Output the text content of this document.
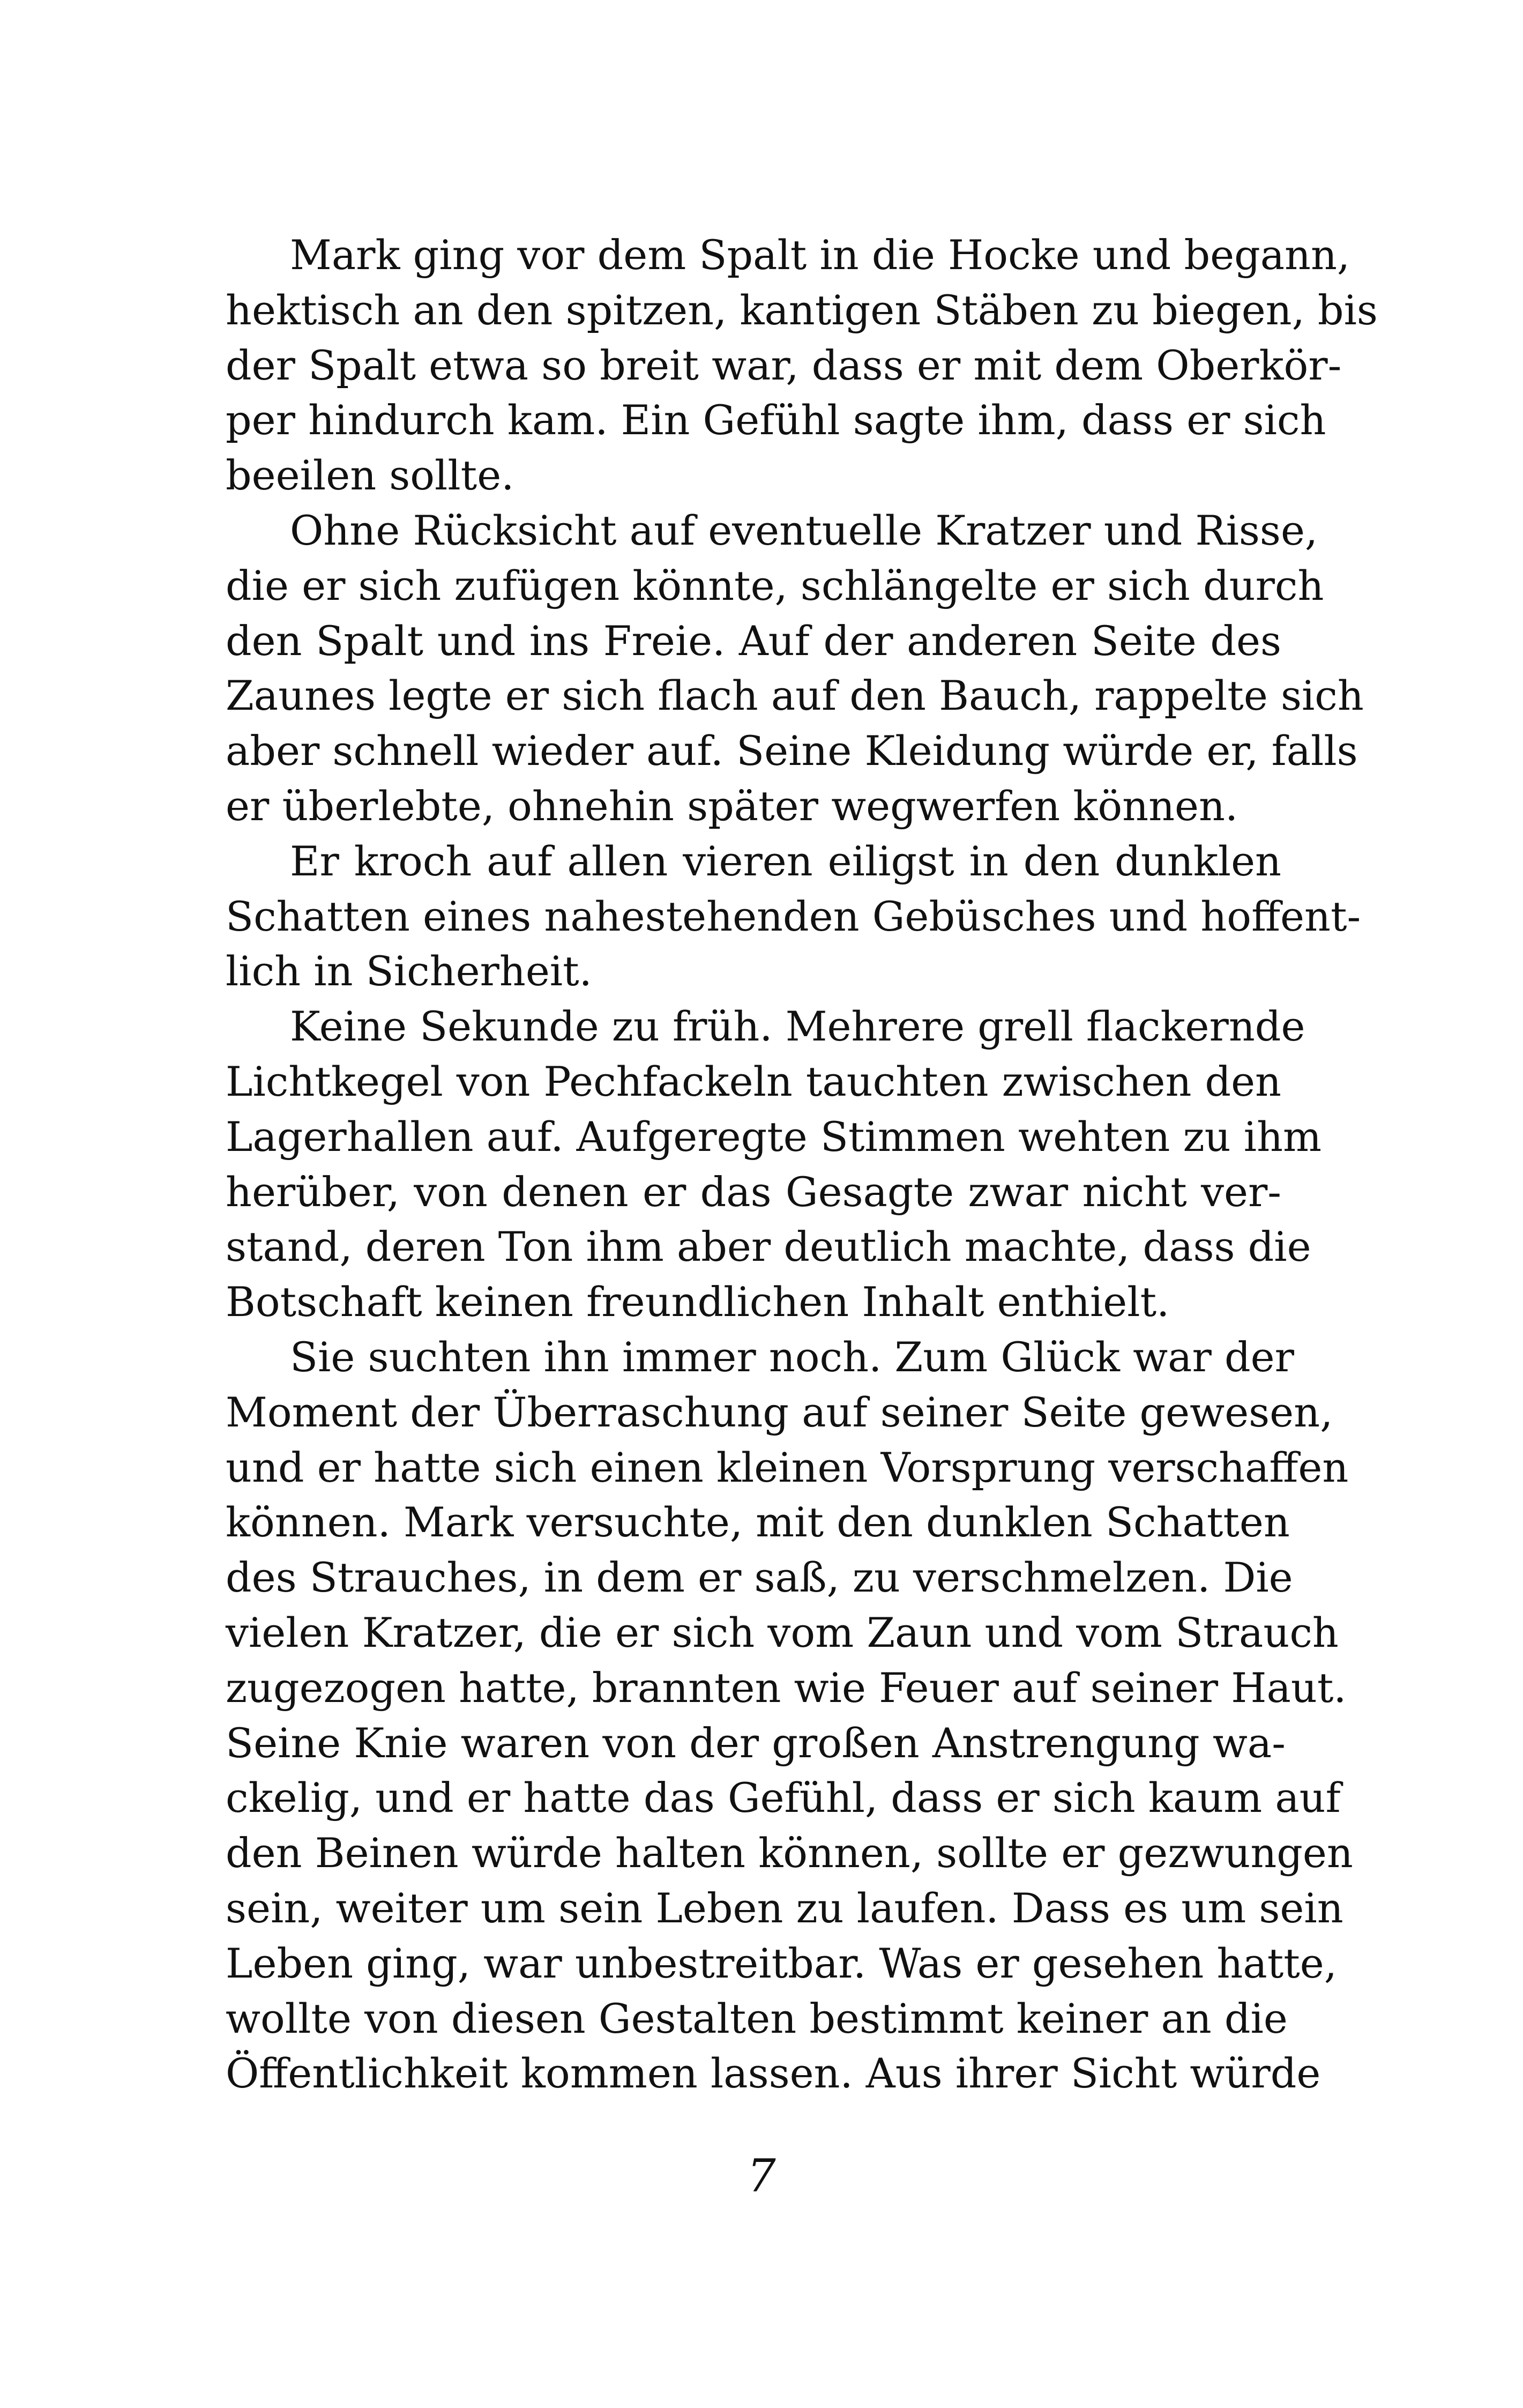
Mark ging vor dem Spalt in die Hocke und begann,
hektisch an den spitzen, kantigen Stäben zu biegen, bis
der Spalt etwa so breit war, dass er mit dem Oberkör-
per hindurch kam. Ein Gefühl sagte ihm, dass er sich
beeilen sollte.
Ohne Rücksicht auf eventuelle Kratzer und Risse,
die er sich zufügen könnte, schlängelte er sich durch
den Spalt und ins Freie. Auf der anderen Seite des
Zaunes legte er sich flach auf den Bauch, rappelte sich
aber schnell wieder auf. Seine Kleidung würde er, falls
er überlebte, ohnehin später wegwerfen können.
Er kroch auf allen vieren eiligst in den dunklen
Schatten eines nahestehenden Gebüsches und hoffent-
lich in Sicherheit.
Keine Sekunde zu früh. Mehrere grell flackernde
Lichtkegel von Pechfackeln tauchten zwischen den
Lagerhallen auf. Aufgeregte Stimmen wehten zu ihm
herüber, von denen er das Gesagte zwar nicht ver-
stand, deren Ton ihm aber deutlich machte, dass die
Botschaft keinen freundlichen Inhalt enthielt.
Sie suchten ihn immer noch. Zum Glück war der
Moment der Überraschung auf seiner Seite gewesen,
und er hatte sich einen kleinen Vorsprung verschaffen
können. Mark versuchte, mit den dunklen Schatten
des Strauches, in dem er saß, zu verschmelzen. Die
vielen Kratzer, die er sich vom Zaun und vom Strauch
zugezogen hatte, brannten wie Feuer auf seiner Haut.
Seine Knie waren von der großen Anstrengung wa-
ckelig, und er hatte das Gefühl, dass er sich kaum auf
den Beinen würde halten können, sollte er gezwungen
sein, weiter um sein Leben zu laufen. Dass es um sein
Leben ging, war unbestreitbar. Was er gesehen hatte,
wollte von diesen Gestalten bestimmt keiner an die
Öffentlichkeit kommen lassen. Aus ihrer Sicht würde
7
